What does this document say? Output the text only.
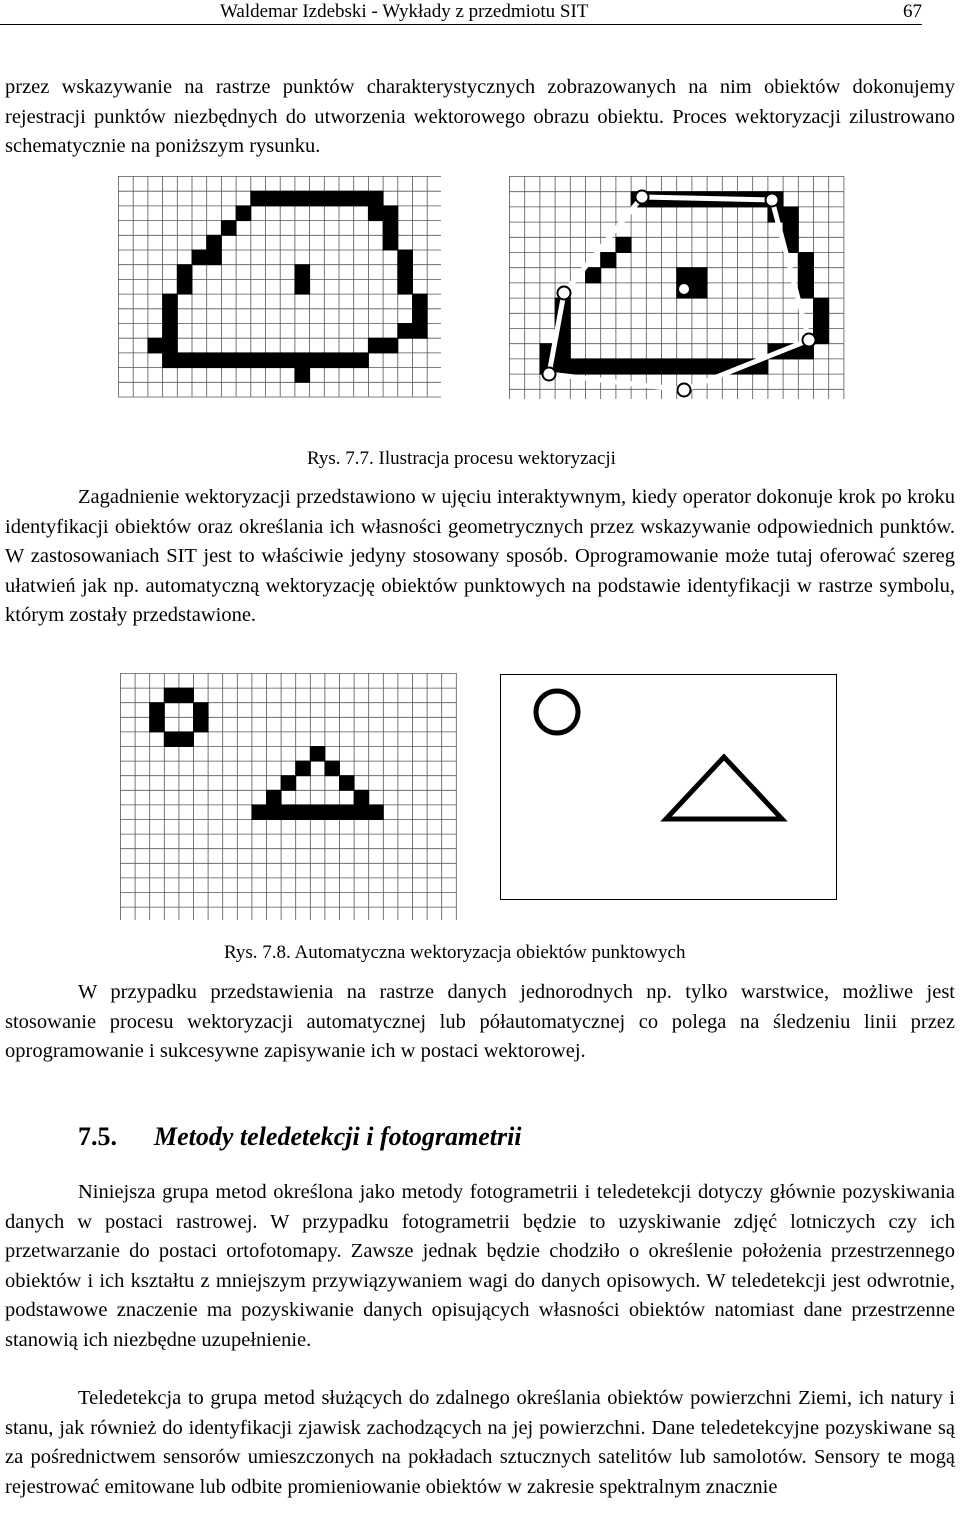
Waldemar Izdebski - Wykłady z przedmiotu SIT	67

przez wskazywanie na rastrze punktów charakterystycznych zobrazowanych na nim obiektów dokonujemy rejestracji punktów niezbędnych do utworzenia wektorowego obrazu obiektu. Proces wektoryzacji zilustrowano schematycznie na poniższym rysunku.

Rys. 7.7. Ilustracja procesu wektoryzacji

Zagadnienie wektoryzacji przedstawiono w ujęciu interaktywnym, kiedy operator dokonuje krok po kroku identyfikacji obiektów oraz określania ich własności geometrycznych przez wskazywanie odpowiednich punktów. W zastosowaniach SIT jest to właściwie jedyny stosowany sposób. Oprogramowanie może tutaj oferować szereg ułatwień jak np. automatyczną wektoryzację obiektów punktowych na podstawie identyfikacji w rastrze symbolu, którym zostały przedstawione.

Rys. 7.8. Automatyczna wektoryzacja obiektów punktowych

W przypadku przedstawienia na rastrze danych jednorodnych np. tylko warstwice, możliwe jest stosowanie procesu wektoryzacji automatycznej lub półautomatycznej co polega na śledzeniu linii przez oprogramowanie i sukcesywne zapisywanie ich w postaci wektorowej.

7.5. Metody teledetekcji i fotogrametrii

Niniejsza grupa metod określona jako metody fotogrametrii i teledetekcji dotyczy głównie pozyskiwania danych w postaci rastrowej. W przypadku fotogrametrii będzie to uzyskiwanie zdjęć lotniczych czy ich przetwarzanie do postaci ortofotomapy. Zawsze jednak będzie chodziło o określenie położenia przestrzennego obiektów i ich kształtu z mniejszym przywiązywaniem wagi do danych opisowych. W teledetekcji jest odwrotnie, podstawowe znaczenie ma pozyskiwanie danych opisujących własności obiektów natomiast dane przestrzenne stanowią ich niezbędne uzupełnienie.

Teledetekcja to grupa metod służących do zdalnego określania obiektów powierzchni Ziemi, ich natury i stanu, jak również do identyfikacji zjawisk zachodzących na jej powierzchni. Dane teledetekcyjne pozyskiwane są za pośrednictwem sensorów umieszczonych na pokładach sztucznych satelitów lub samolotów. Sensory te mogą rejestrować emitowane lub odbite promieniowanie obiektów w zakresie spektralnym znacznie
